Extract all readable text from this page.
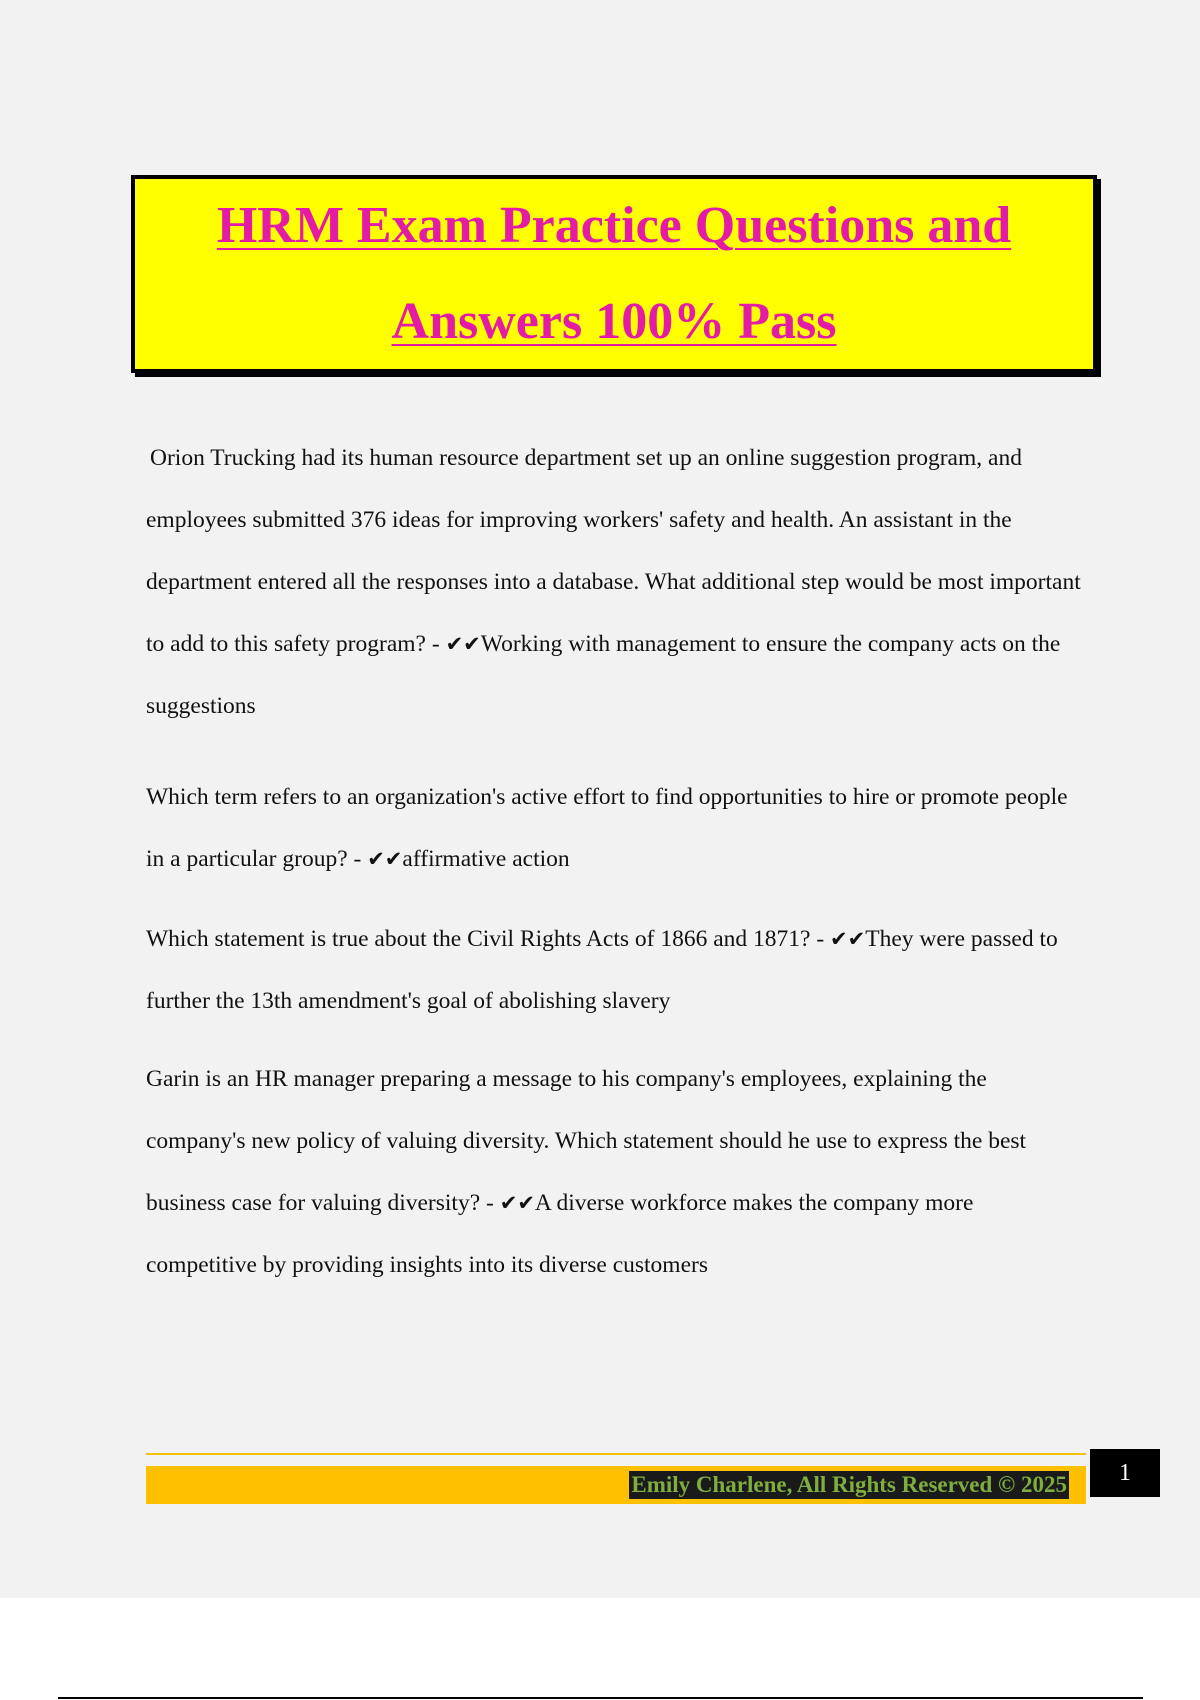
HRM Exam Practice Questions and
Answers 100% Pass

Orion Trucking had its human resource department set up an online suggestion program, and employees submitted 376 ideas for improving workers' safety and health. An assistant in the department entered all the responses into a database. What additional step would be most important to add to this safety program? - ✔✔Working with management to ensure the company acts on the suggestions

Which term refers to an organization's active effort to find opportunities to hire or promote people in a particular group? - ✔✔affirmative action

Which statement is true about the Civil Rights Acts of 1866 and 1871? - ✔✔They were passed to further the 13th amendment's goal of abolishing slavery

Garin is an HR manager preparing a message to his company's employees, explaining the company's new policy of valuing diversity. Which statement should he use to express the best business case for valuing diversity? - ✔✔A diverse workforce makes the company more competitive by providing insights into its diverse customers

Emily Charlene, All Rights Reserved © 2025	1
